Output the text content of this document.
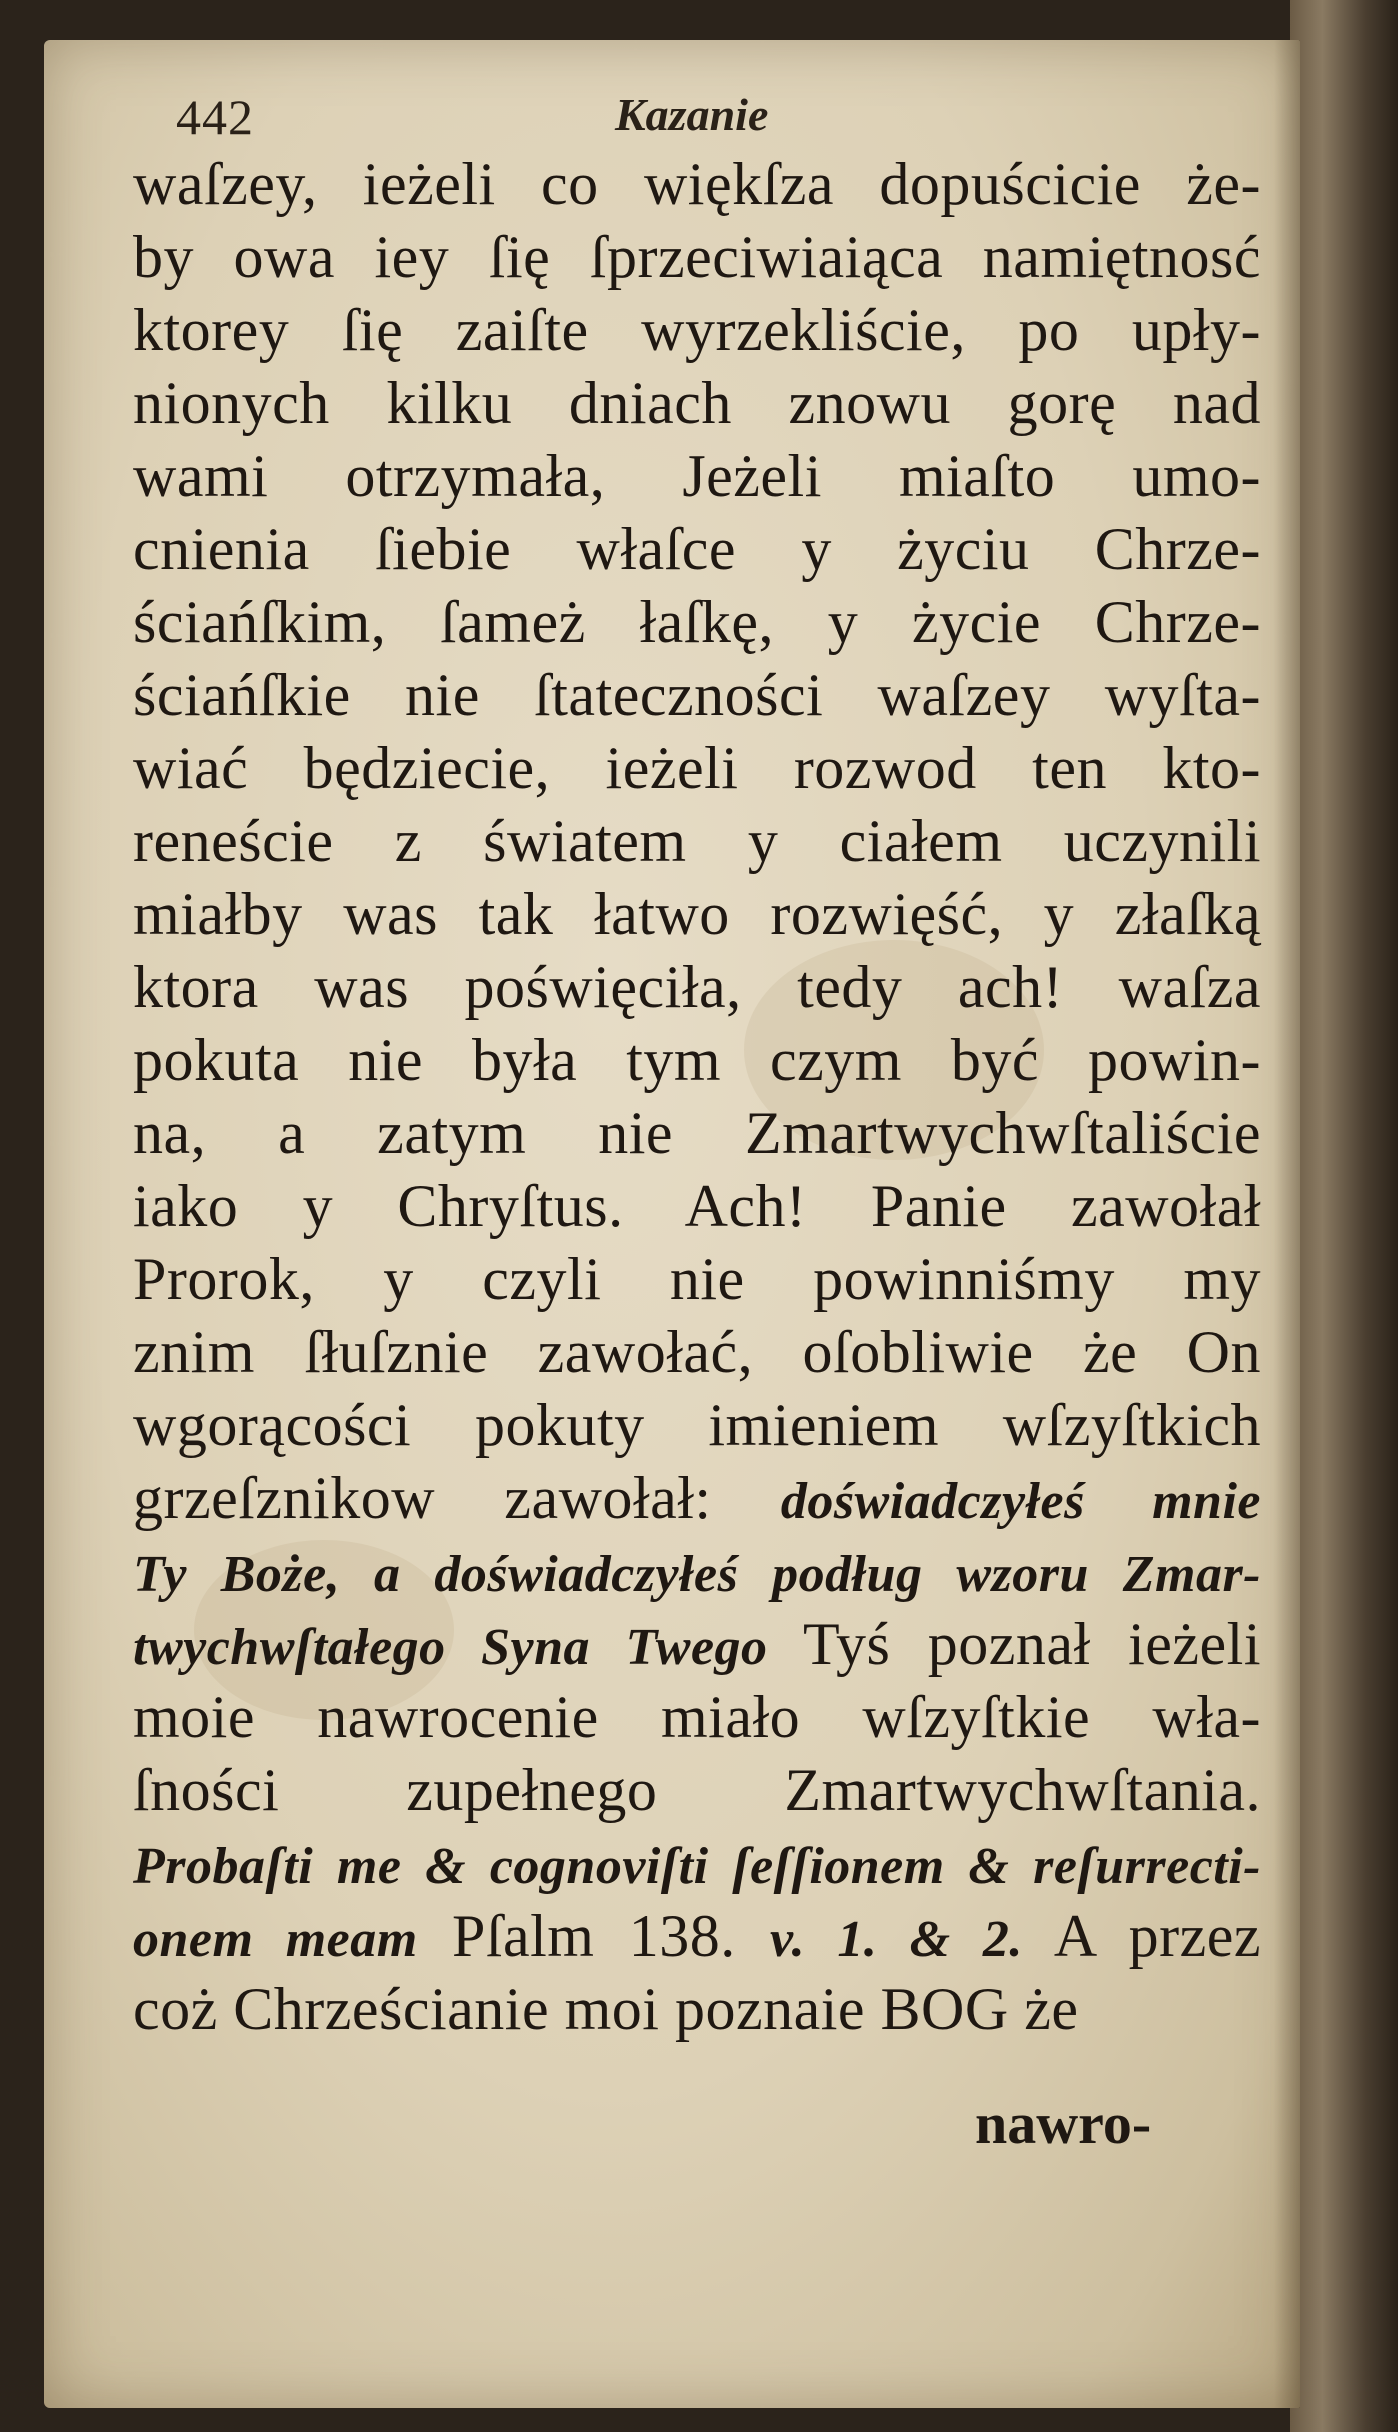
442	Kazanie
waſzey, ieżeli co więkſza dopuścicie że-
by owa iey ſię ſprzeciwiaiąca namiętnosć
ktorey ſię zaiſte wyrzekliście, po upły-
nionych kilku dniach znowu gorę nad
wami otrzymała, Jeżeli miaſto umo-
cnienia ſiebie właſce y życiu Chrze-
ściańſkim, ſameż łaſkę, y życie Chrze-
ściańſkie nie ſtateczności waſzey wyſta-
wiać będziecie, ieżeli rozwod ten kto-
reneście z światem y ciałem uczynili
miałby was tak łatwo rozwięść, y złaſką
ktora was poświęciła, tedy ach! waſza
pokuta nie była tym czym być powin-
na, a zatym nie Zmartwychwſtaliście
iako y Chryſtus. Ach! Panie zawołał
Prorok, y czyli nie powinniśmy my
znim ſłuſznie zawołać, oſobliwie że On
wgorącości pokuty imieniem wſzyſtkich
grzeſznikow zawołał: doświadczyłeś mnie
Ty Boże, a doświadczyłeś podług wzoru Zmar-
twychwſtałego Syna Twego Tyś poznał ieżeli
moie nawrocenie miało wſzyſtkie wła-
ſności zupełnego Zmartwychwſtania.
Probaſti me & cognoviſti ſeſſionem & reſurrecti-
onem meam Pſalm 138. v. 1. & 2. A przez
coż Chrześcianie moi poznaie BOG że
nawro-
